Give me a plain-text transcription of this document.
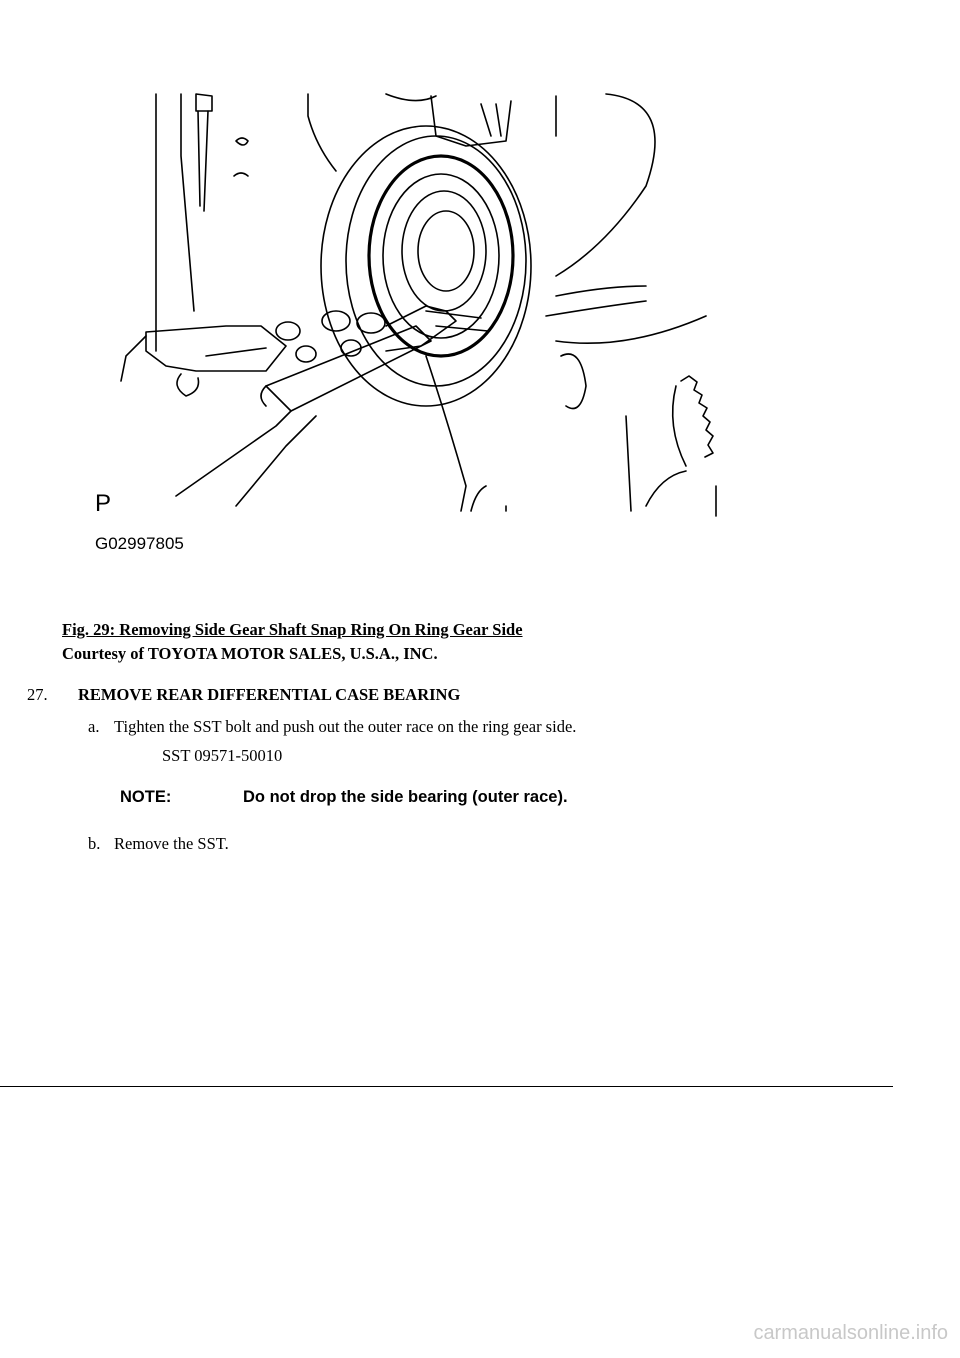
P
G02997805
Fig. 29: Removing Side Gear Shaft Snap Ring On Ring Gear Side
Courtesy of TOYOTA MOTOR SALES, U.S.A., INC.
27. REMOVE REAR DIFFERENTIAL CASE BEARING
a. Tighten the SST bolt and push out the outer race on the ring gear side.
SST 09571-50010
NOTE:	Do not drop the side bearing (outer race).
b. Remove the SST.
carmanualsonline.info
